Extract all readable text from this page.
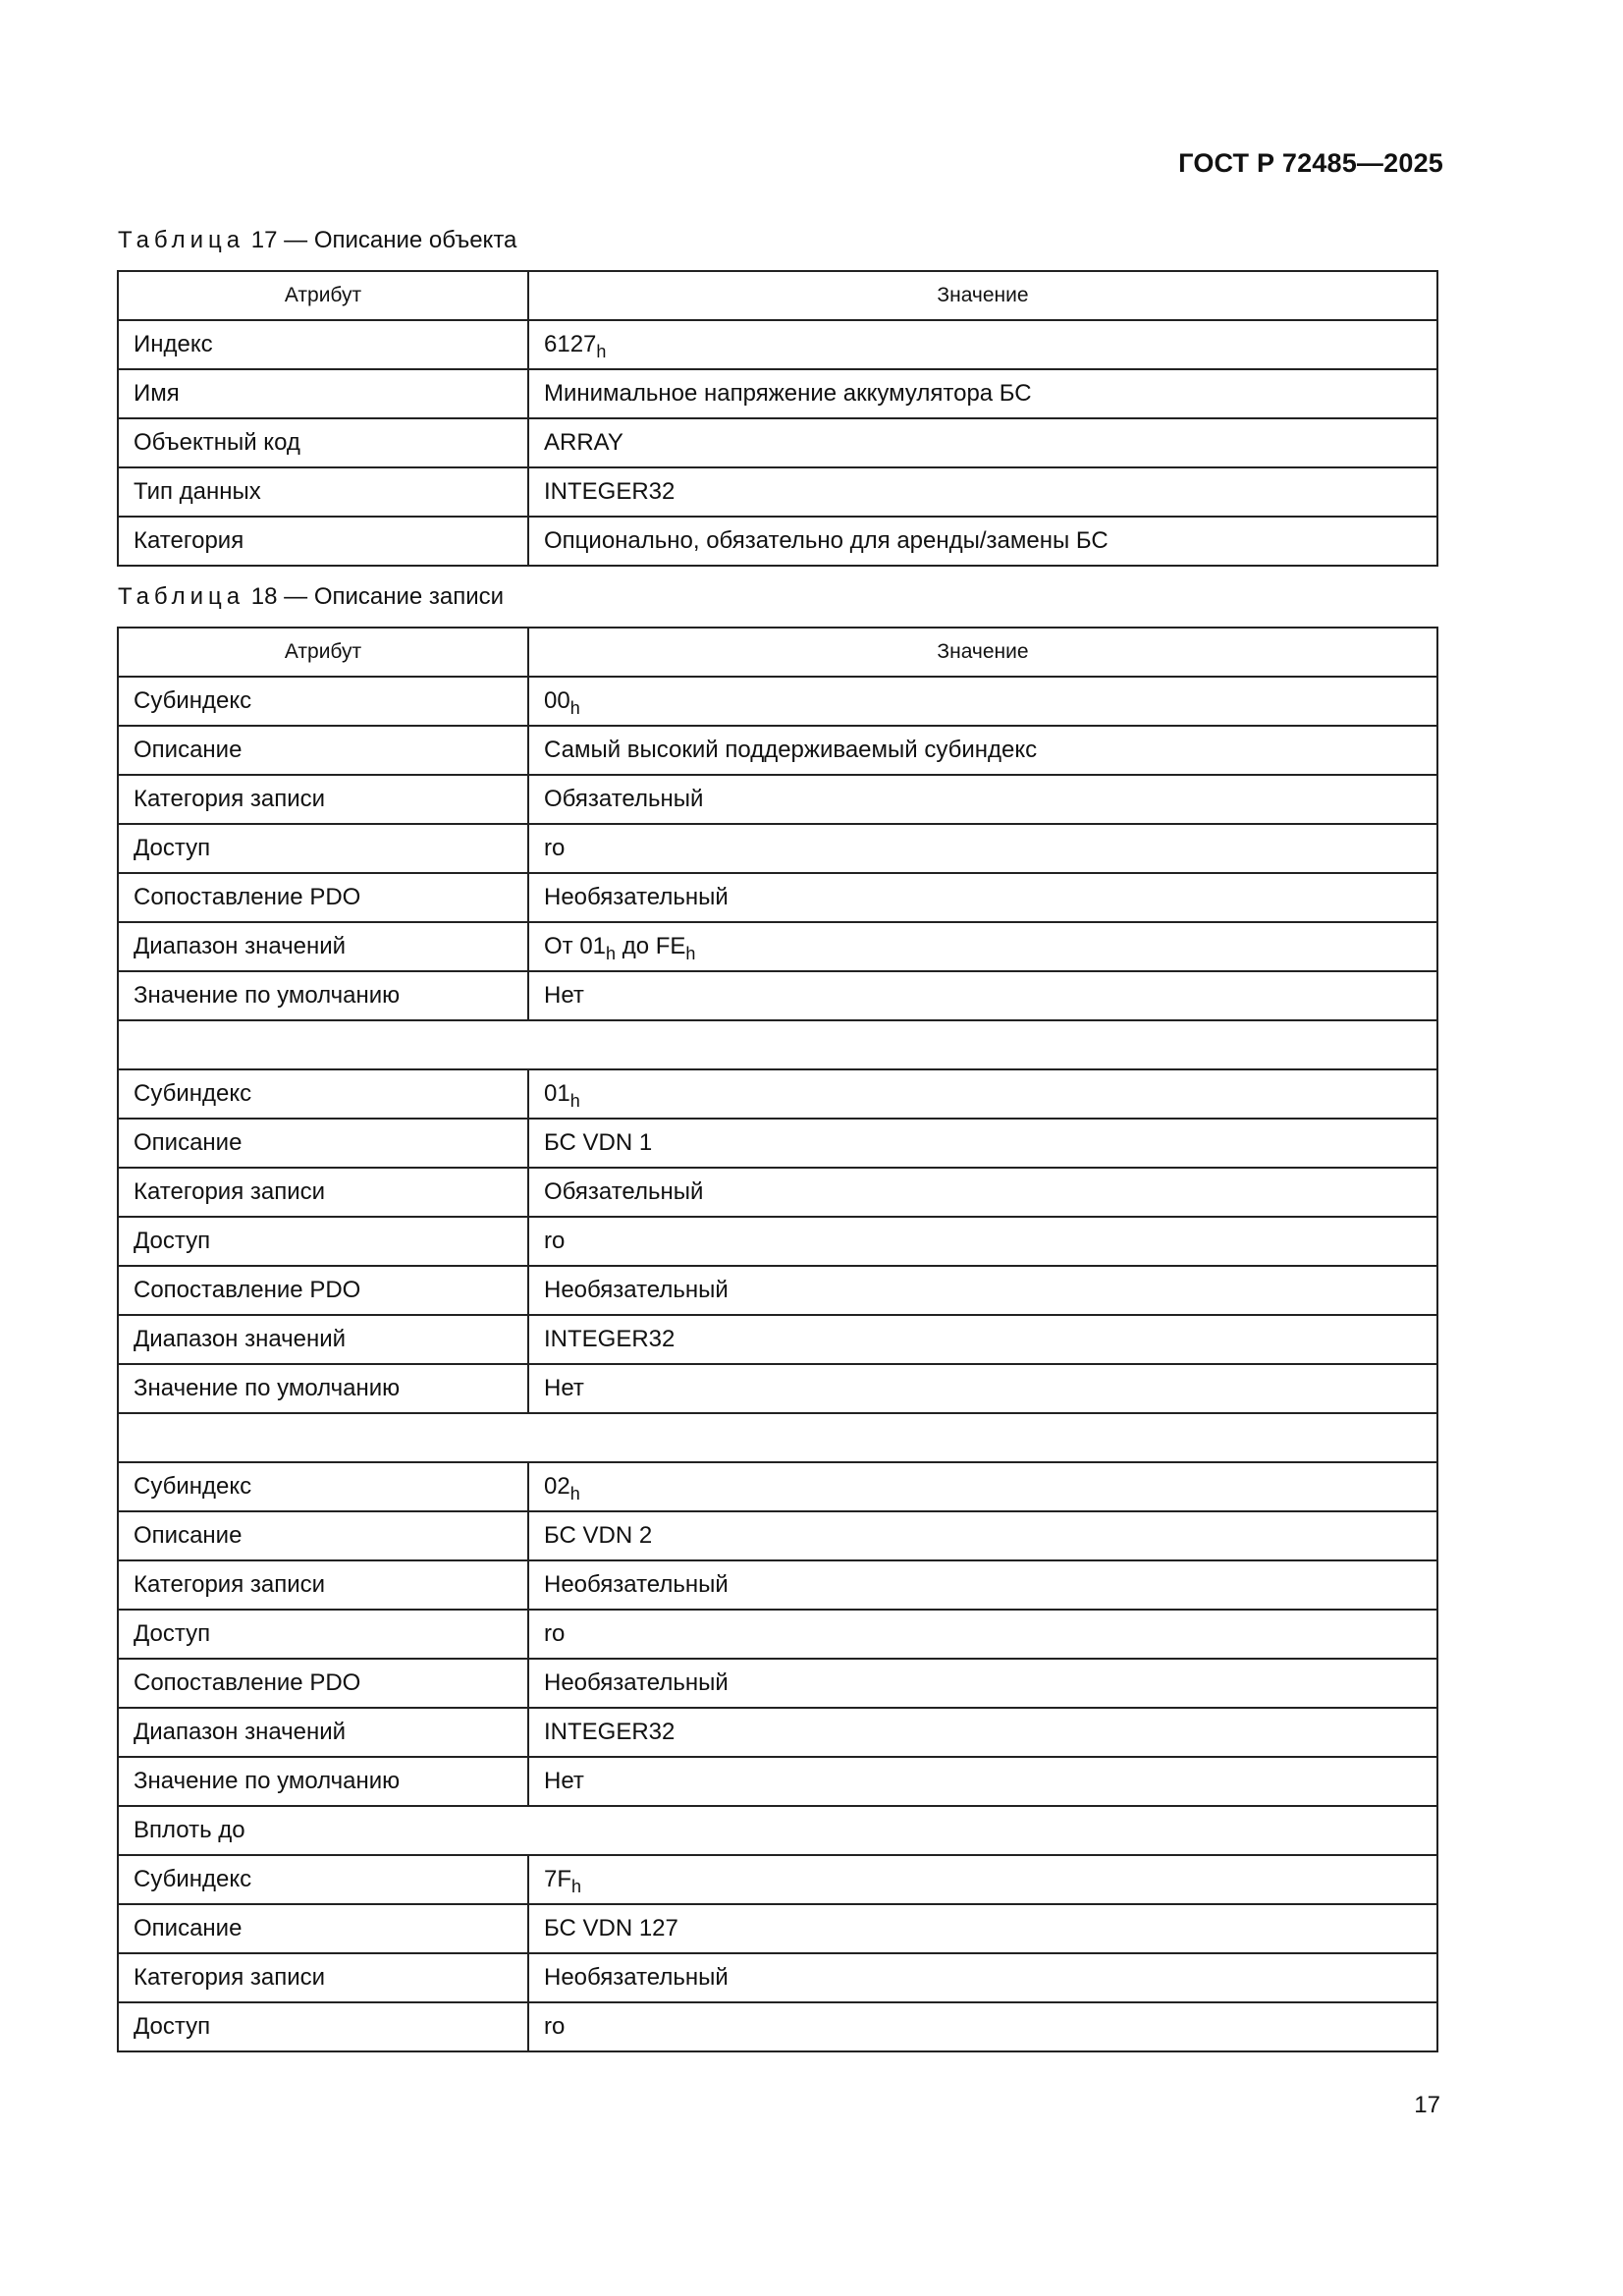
ГОСТ Р 72485—2025
Таблица 17 — Описание объекта
Атрибут	Значение
Индекс	$6127_h$
Имя	Минимальное напряжение аккумулятора БС
Объектный код	ARRAY
Тип данных	INTEGER32
Категория	Опционально, обязательно для аренды/замены БС
Таблица 18 — Описание записи
Атрибут	Значение
Субиндекс	$00_h$
Описание	Самый высокий поддерживаемый субиндекс
Категория записи	Обязательный
Доступ	ro
Сопоставление PDO	Необязательный
Диапазон значений	От $01_h$ до $FE_h$
Значение по умолчанию	Нет

Субиндекс	$01_h$
Описание	БС VDN 1
Категория записи	Обязательный
Доступ	ro
Сопоставление PDO	Необязательный
Диапазон значений	INTEGER32
Значение по умолчанию	Нет

Субиндекс	$02_h$
Описание	БС VDN 2
Категория записи	Необязательный
Доступ	ro
Сопоставление PDO	Необязательный
Диапазон значений	INTEGER32
Значение по умолчанию	Нет
Вплоть до	
Субиндекс	$7F_h$
Описание	БС VDN 127
Категория записи	Необязательный
Доступ	ro
17
